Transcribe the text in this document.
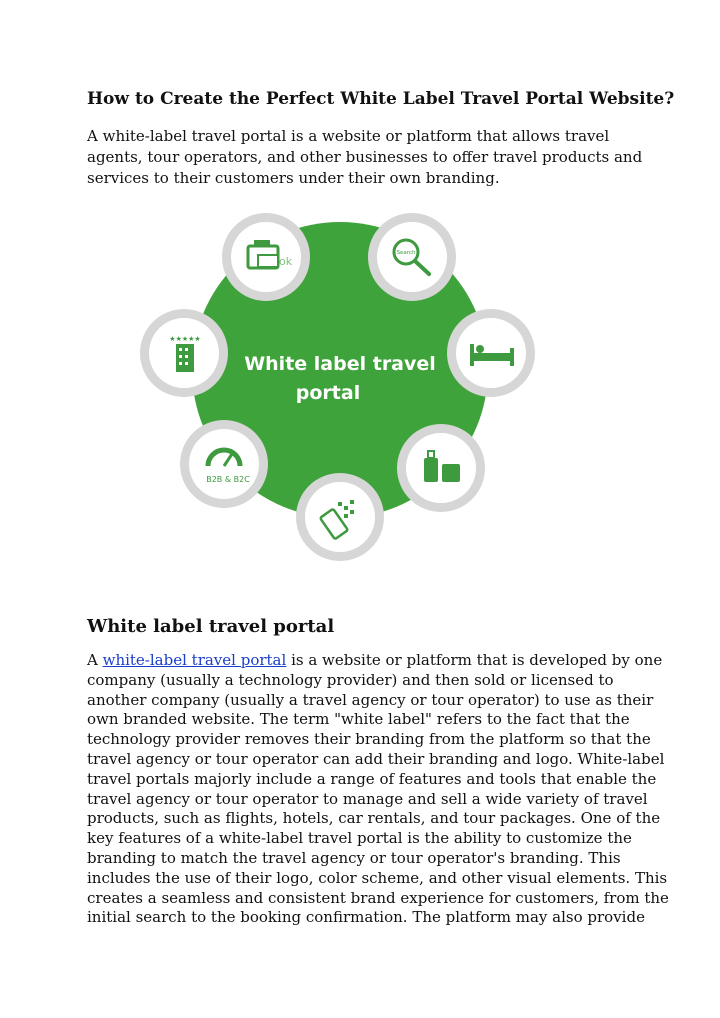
How to Create the Perfect White Label Travel Portal Website?
A white-label travel portal is a website or platform that allows travel
agents, tour operators, and other businesses to offer travel products and
services to their customers under their own branding.
White label travel
portal
ok
Search
B2B & B2C
★★★★★
White label travel portal
A white-label travel portal is a website or platform that is developed by one
company (usually a technology provider) and then sold or licensed to
another company (usually a travel agency or tour operator) to use as their
own branded website. The term "white label" refers to the fact that the
technology provider removes their branding from the platform so that the
travel agency or tour operator can add their branding and logo. White-label
travel portals majorly include a range of features and tools that enable the
travel agency or tour operator to manage and sell a wide variety of travel
products, such as flights, hotels, car rentals, and tour packages. One of the
key features of a white-label travel portal is the ability to customize the
branding to match the travel agency or tour operator's branding. This
includes the use of their logo, color scheme, and other visual elements. This
creates a seamless and consistent brand experience for customers, from the
initial search to the booking confirmation. The platform may also provide
